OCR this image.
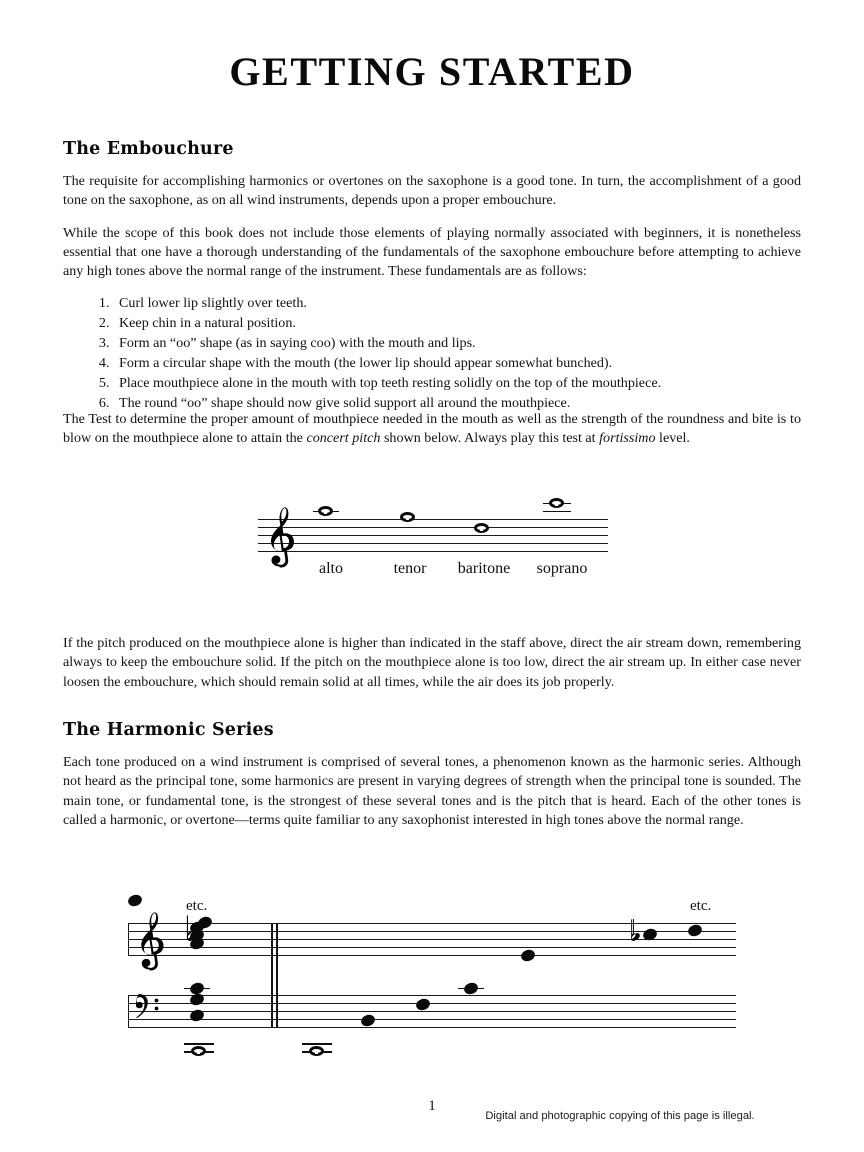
GETTING STARTED
The Embouchure

The requisite for accomplishing harmonics or overtones on the saxophone is a good tone. In turn, the accomplishment of a good tone on the saxophone, as on all wind instruments, depends upon a proper embouchure.

While the scope of this book does not include those elements of playing normally associated with beginners, it is nonetheless essential that one have a thorough understanding of the fundamentals of the saxophone embouchure before attempting to achieve any high tones above the normal range of the instrument. These fundamentals are as follows:

1. Curl lower lip slightly over teeth.
2. Keep chin in a natural position.
3. Form an “oo” shape (as in saying coo) with the mouth and lips.
4. Form a circular shape with the mouth (the lower lip should appear somewhat bunched).
5. Place mouthpiece alone in the mouth with top teeth resting solidly on the top of the mouthpiece.
6. The round “oo” shape should now give solid support all around the mouthpiece.

The Test to determine the proper amount of mouthpiece needed in the mouth as well as the strength of the roundness and bite is to blow on the mouthpiece alone to attain the concert pitch shown below. Always play this test at fortissimo level.

alto	tenor	baritone	soprano

If the pitch produced on the mouthpiece alone is higher than indicated in the staff above, direct the air stream down, remembering always to keep the embouchure solid. If the pitch on the mouthpiece alone is too low, direct the air stream up. In either case never loosen the embouchure, which should remain solid at all times, while the air does its job properly.

The Harmonic Series

Each tone produced on a wind instrument is comprised of several tones, a phenomenon known as the harmonic series. Although not heard as the principal tone, some harmonics are present in varying degrees of strength when the principal tone is sounded. The main tone, or fundamental tone, is the strongest of these several tones and is the pitch that is heard. Each of the other tones is called a harmonic, or overtone—terms quite familiar to any saxophonist interested in high tones above the normal range.

etc.	etc.
1
Digital and photographic copying of this page is illegal.
